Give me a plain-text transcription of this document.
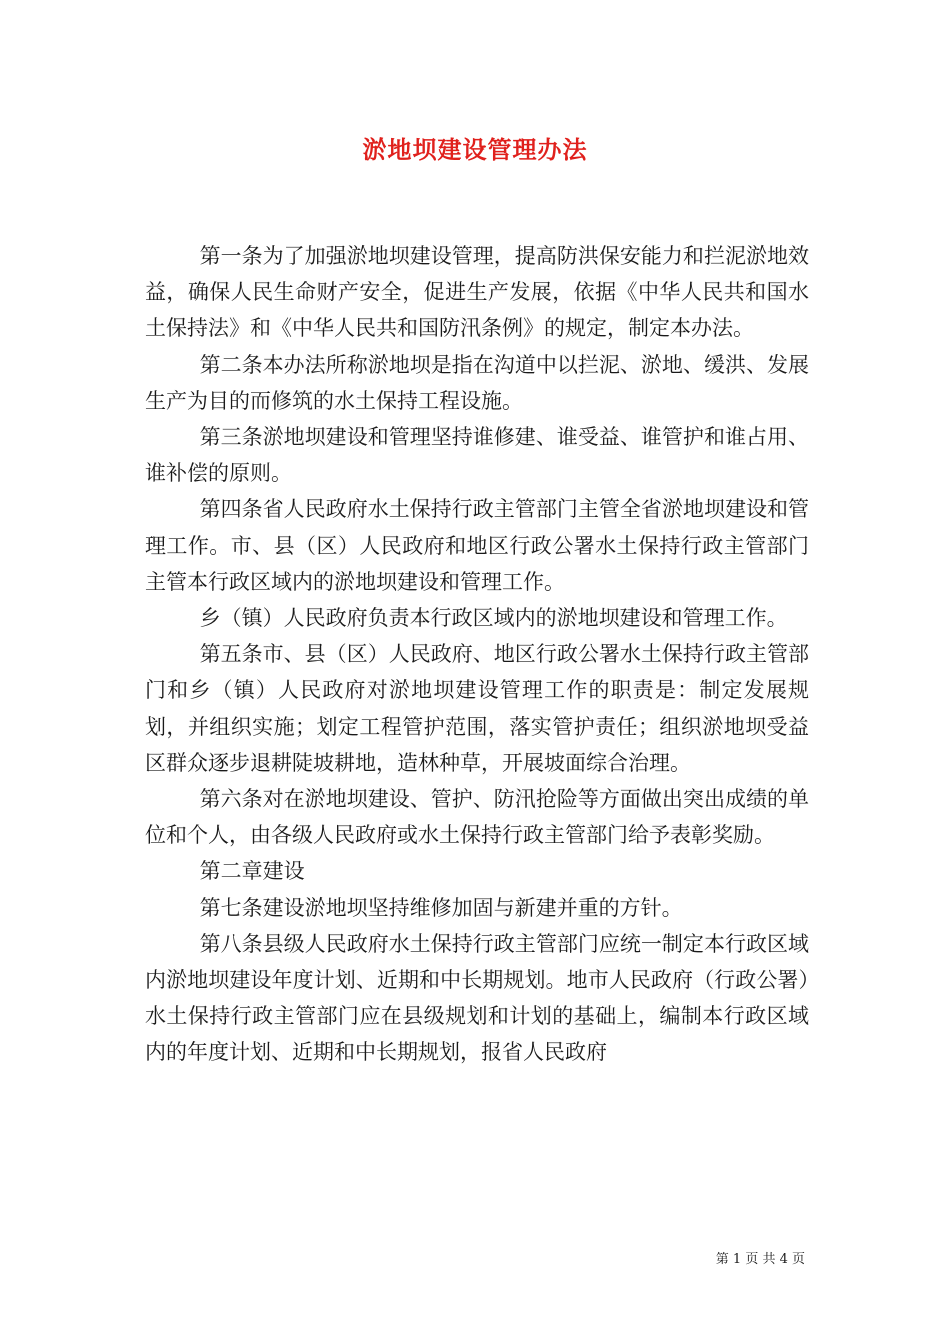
淤地坝建设管理办法

第一条为了加强淤地坝建设管理，提高防洪保安能力和拦泥淤地效益，确保人民生命财产安全，促进生产发展，依据《中华人民共和国水土保持法》和《中华人民共和国防汛条例》的规定，制定本办法。

第二条本办法所称淤地坝是指在沟道中以拦泥、淤地、缓洪、发展生产为目的而修筑的水土保持工程设施。

第三条淤地坝建设和管理坚持谁修建、谁受益、谁管护和谁占用、谁补偿的原则。

第四条省人民政府水土保持行政主管部门主管全省淤地坝建设和管理工作。市、县（区）人民政府和地区行政公署水土保持行政主管部门主管本行政区域内的淤地坝建设和管理工作。

乡（镇）人民政府负责本行政区域内的淤地坝建设和管理工作。

第五条市、县（区）人民政府、地区行政公署水土保持行政主管部门和乡（镇）人民政府对淤地坝建设管理工作的职责是：制定发展规划，并组织实施；划定工程管护范围，落实管护责任；组织淤地坝受益区群众逐步退耕陡坡耕地，造林种草，开展坡面综合治理。

第六条对在淤地坝建设、管护、防汛抢险等方面做出突出成绩的单位和个人，由各级人民政府或水土保持行政主管部门给予表彰奖励。

第二章建设

第七条建设淤地坝坚持维修加固与新建并重的方针。

第八条县级人民政府水土保持行政主管部门应统一制定本行政区域内淤地坝建设年度计划、近期和中长期规划。地市人民政府（行政公署）水土保持行政主管部门应在县级规划和计划的基础上，编制本行政区域内的年度计划、近期和中长期规划，报省人民政府

第 1 页 共 4 页
